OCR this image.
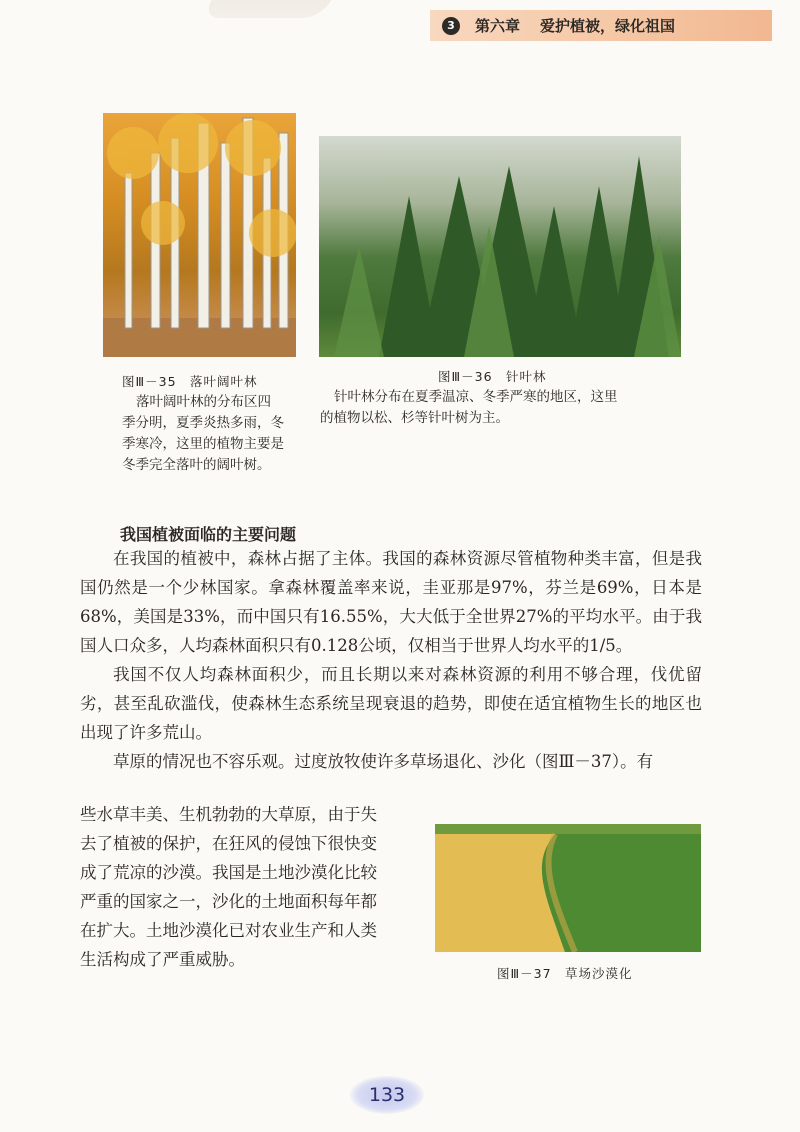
3	第六章 爱护植被，绿化祖国
图Ⅲ－35　落叶阔叶林
落叶阔叶林的分布区四
季分明，夏季炎热多雨，冬
季寒冷，这里的植物主要是
冬季完全落叶的阔叶树。
图Ⅲ－36　针叶林
针叶林分布在夏季温凉、冬季严寒的地区，这里
的植物以松、杉等针叶树为主。
我国植被面临的主要问题

在我国的植被中，森林占据了主体。我国的森林资源尽管植物种类丰富，但是我国仍然是一个少林国家。拿森林覆盖率来说，圭亚那是97%，芬兰是69%，日本是68%，美国是33%，而中国只有16.55%，大大低于全世界27%的平均水平。由于我国人口众多，人均森林面积只有0.128公顷，仅相当于世界人均水平的1/5。

我国不仅人均森林面积少，而且长期以来对森林资源的利用不够合理，伐优留劣，甚至乱砍滥伐，使森林生态系统呈现衰退的趋势，即使在适宜植物生长的地区也出现了许多荒山。

草原的情况也不容乐观。过度放牧使许多草场退化、沙化（图Ⅲ－37）。有

些水草丰美、生机勃勃的大草原，由于失
去了植被的保护，在狂风的侵蚀下很快变
成了荒凉的沙漠。我国是土地沙漠化比较
严重的国家之一，沙化的土地面积每年都
在扩大。土地沙漠化已对农业生产和人类
生活构成了严重威胁。
图Ⅲ－37　草场沙漠化
133
